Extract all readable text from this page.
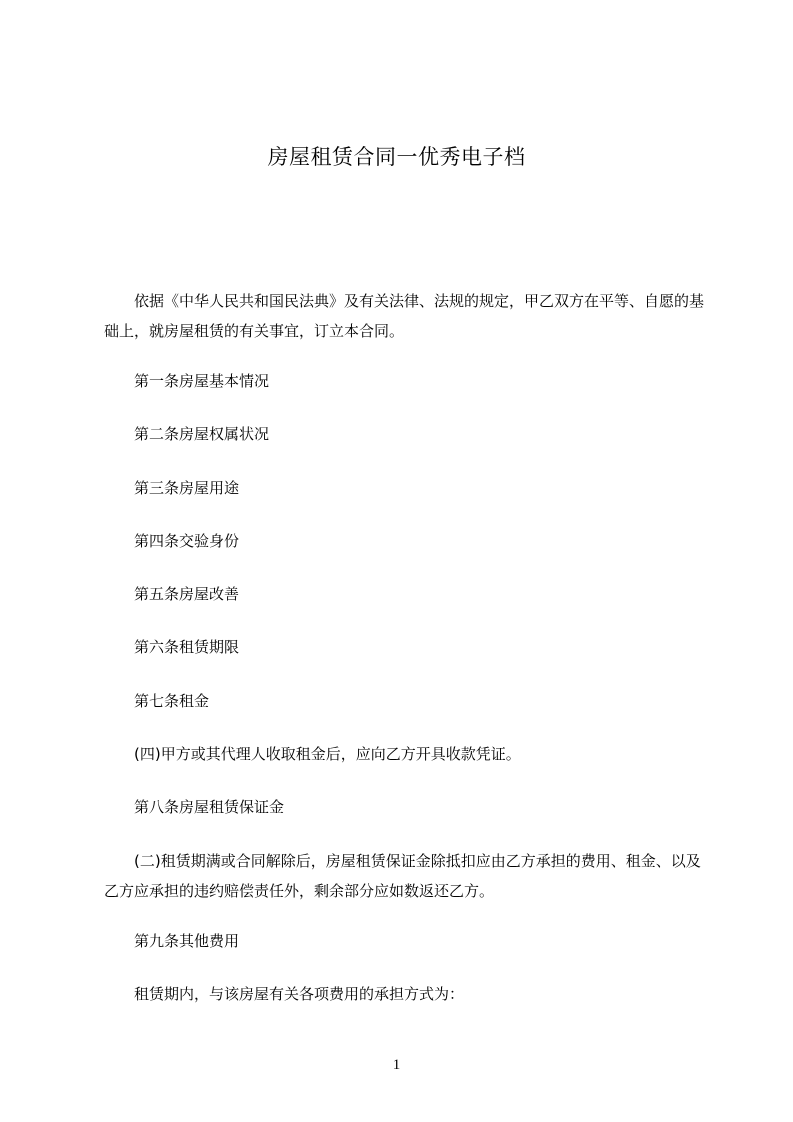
房屋租赁合同一优秀电子档

依据《中华人民共和国民法典》及有关法律、法规的规定，甲乙双方在平等、自愿的基础上，就房屋租赁的有关事宜，订立本合同。

第一条房屋基本情况

第二条房屋权属状况

第三条房屋用途

第四条交验身份

第五条房屋改善

第六条租赁期限

第七条租金

(四)甲方或其代理人收取租金后，应向乙方开具收款凭证。

第八条房屋租赁保证金

(二)租赁期满或合同解除后，房屋租赁保证金除抵扣应由乙方承担的费用、租金、以及乙方应承担的违约赔偿责任外，剩余部分应如数返还乙方。

第九条其他费用

租赁期内，与该房屋有关各项费用的承担方式为：

1
